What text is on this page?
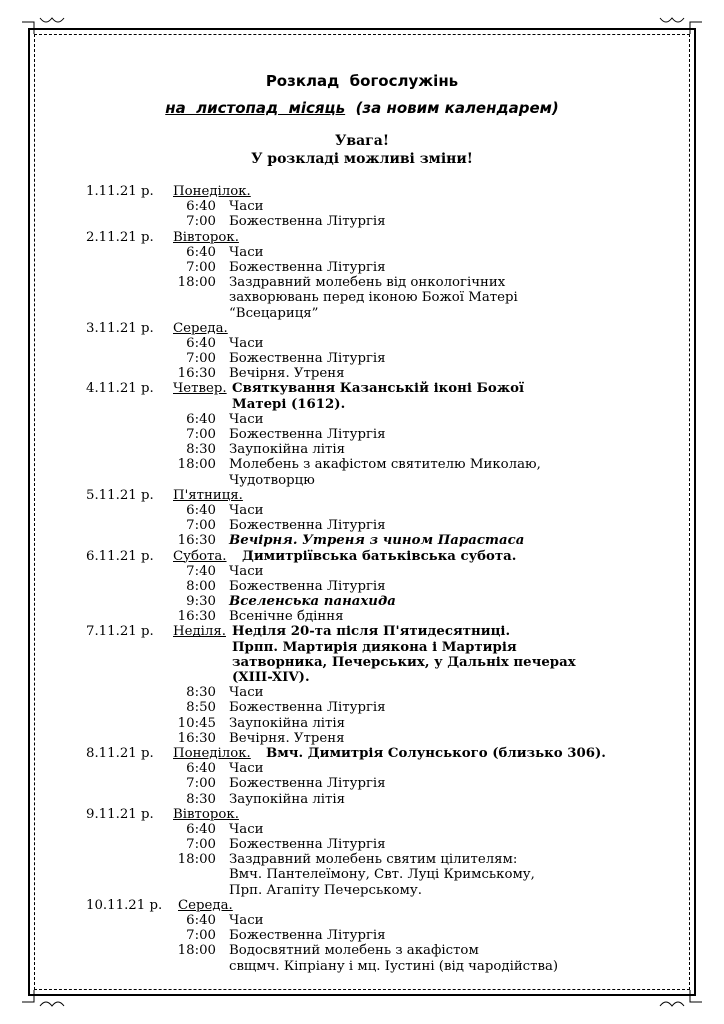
Розклад  богослужінь
на  листопад  місяць (за новим календарем)
Увага!
У розкладі можливі зміни!
1.11.21 р. Понеділок.
6:40 Часи
7:00 Божественна Літургія
2.11.21 р. Вівторок.
6:40 Часи
7:00 Божественна Літургія
18:00 Заздравний молебень від онкологічних
захворювань перед іконою Божої Матері
“Всецариця”
3.11.21 р. Середа.
6:40 Часи
7:00 Божественна Літургія
16:30 Вечірня. Утреня
4.11.21 р. Четвер. Святкування Казанській іконі Божої
Матері (1612).
6:40 Часи
7:00 Божественна Літургія
8:30 Заупокійна літія
18:00 Молебень з акафістом святителю Миколаю,
Чудотворцю
5.11.21 р. П'ятниця.
6:40 Часи
7:00 Божественна Літургія
16:30 Вечірня. Утреня з чином Парастаса
6.11.21 р. Субота. Димитріївська батьківська субота.
7:40 Часи
8:00 Божественна Літургія
9:30 Вселенська панахида
16:30 Всенічне бдіння
7.11.21 р. Неділя. Неділя 20-та після П'ятидесятниці.
Прпп. Мартирія диякона і Мартирія
затворника, Печерських, у Дальніх печерах
(XIII-XIV).
8:30 Часи
8:50 Божественна Літургія
10:45 Заупокійна літія
16:30 Вечірня. Утреня
8.11.21 р. Понеділок. Вмч. Димитрія Солунського (близько 306).
6:40 Часи
7:00 Божественна Літургія
8:30 Заупокійна літія
9.11.21 р. Вівторок.
6:40 Часи
7:00 Божественна Літургія
18:00 Заздравний молебень святим цілителям:
Вмч. Пантелеїмону, Свт. Луці Кримському,
Прп. Агапіту Печерському.
10.11.21 р. Середа.
6:40 Часи
7:00 Божественна Літургія
18:00 Водосвятний молебень з акафістом
свщмч. Кіпріану і мц. Іустині (від чародійства)
